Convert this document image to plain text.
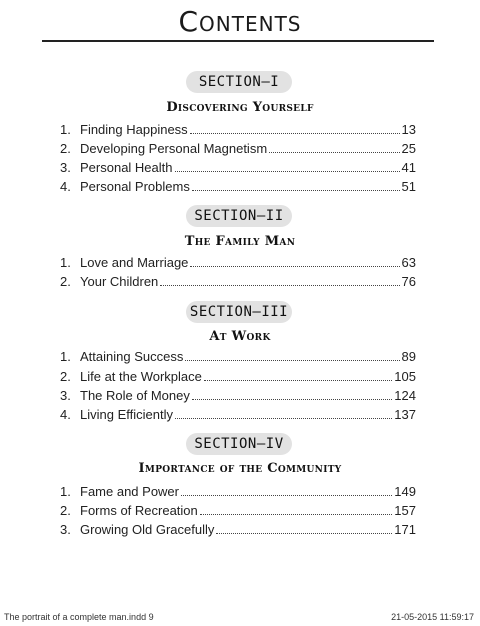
Contents
SECTION–I
Discovering Yourself
1. Finding Happiness	13
2. Developing Personal Magnetism	25
3. Personal Health	41
4. Personal Problems	51
SECTION–II
The Family Man
1. Love and Marriage	63
2. Your Children	76
SECTION–III
At Work
1. Attaining Success	89
2. Life at the Workplace	105
3. The Role of Money	124
4. Living Efficiently	137
SECTION–IV
Importance of the Community
1. Fame and Power	149
2. Forms of Recreation	157
3. Growing Old Gracefully	171
The portrait of a complete man.indd 9	21-05-2015 11:59:17
